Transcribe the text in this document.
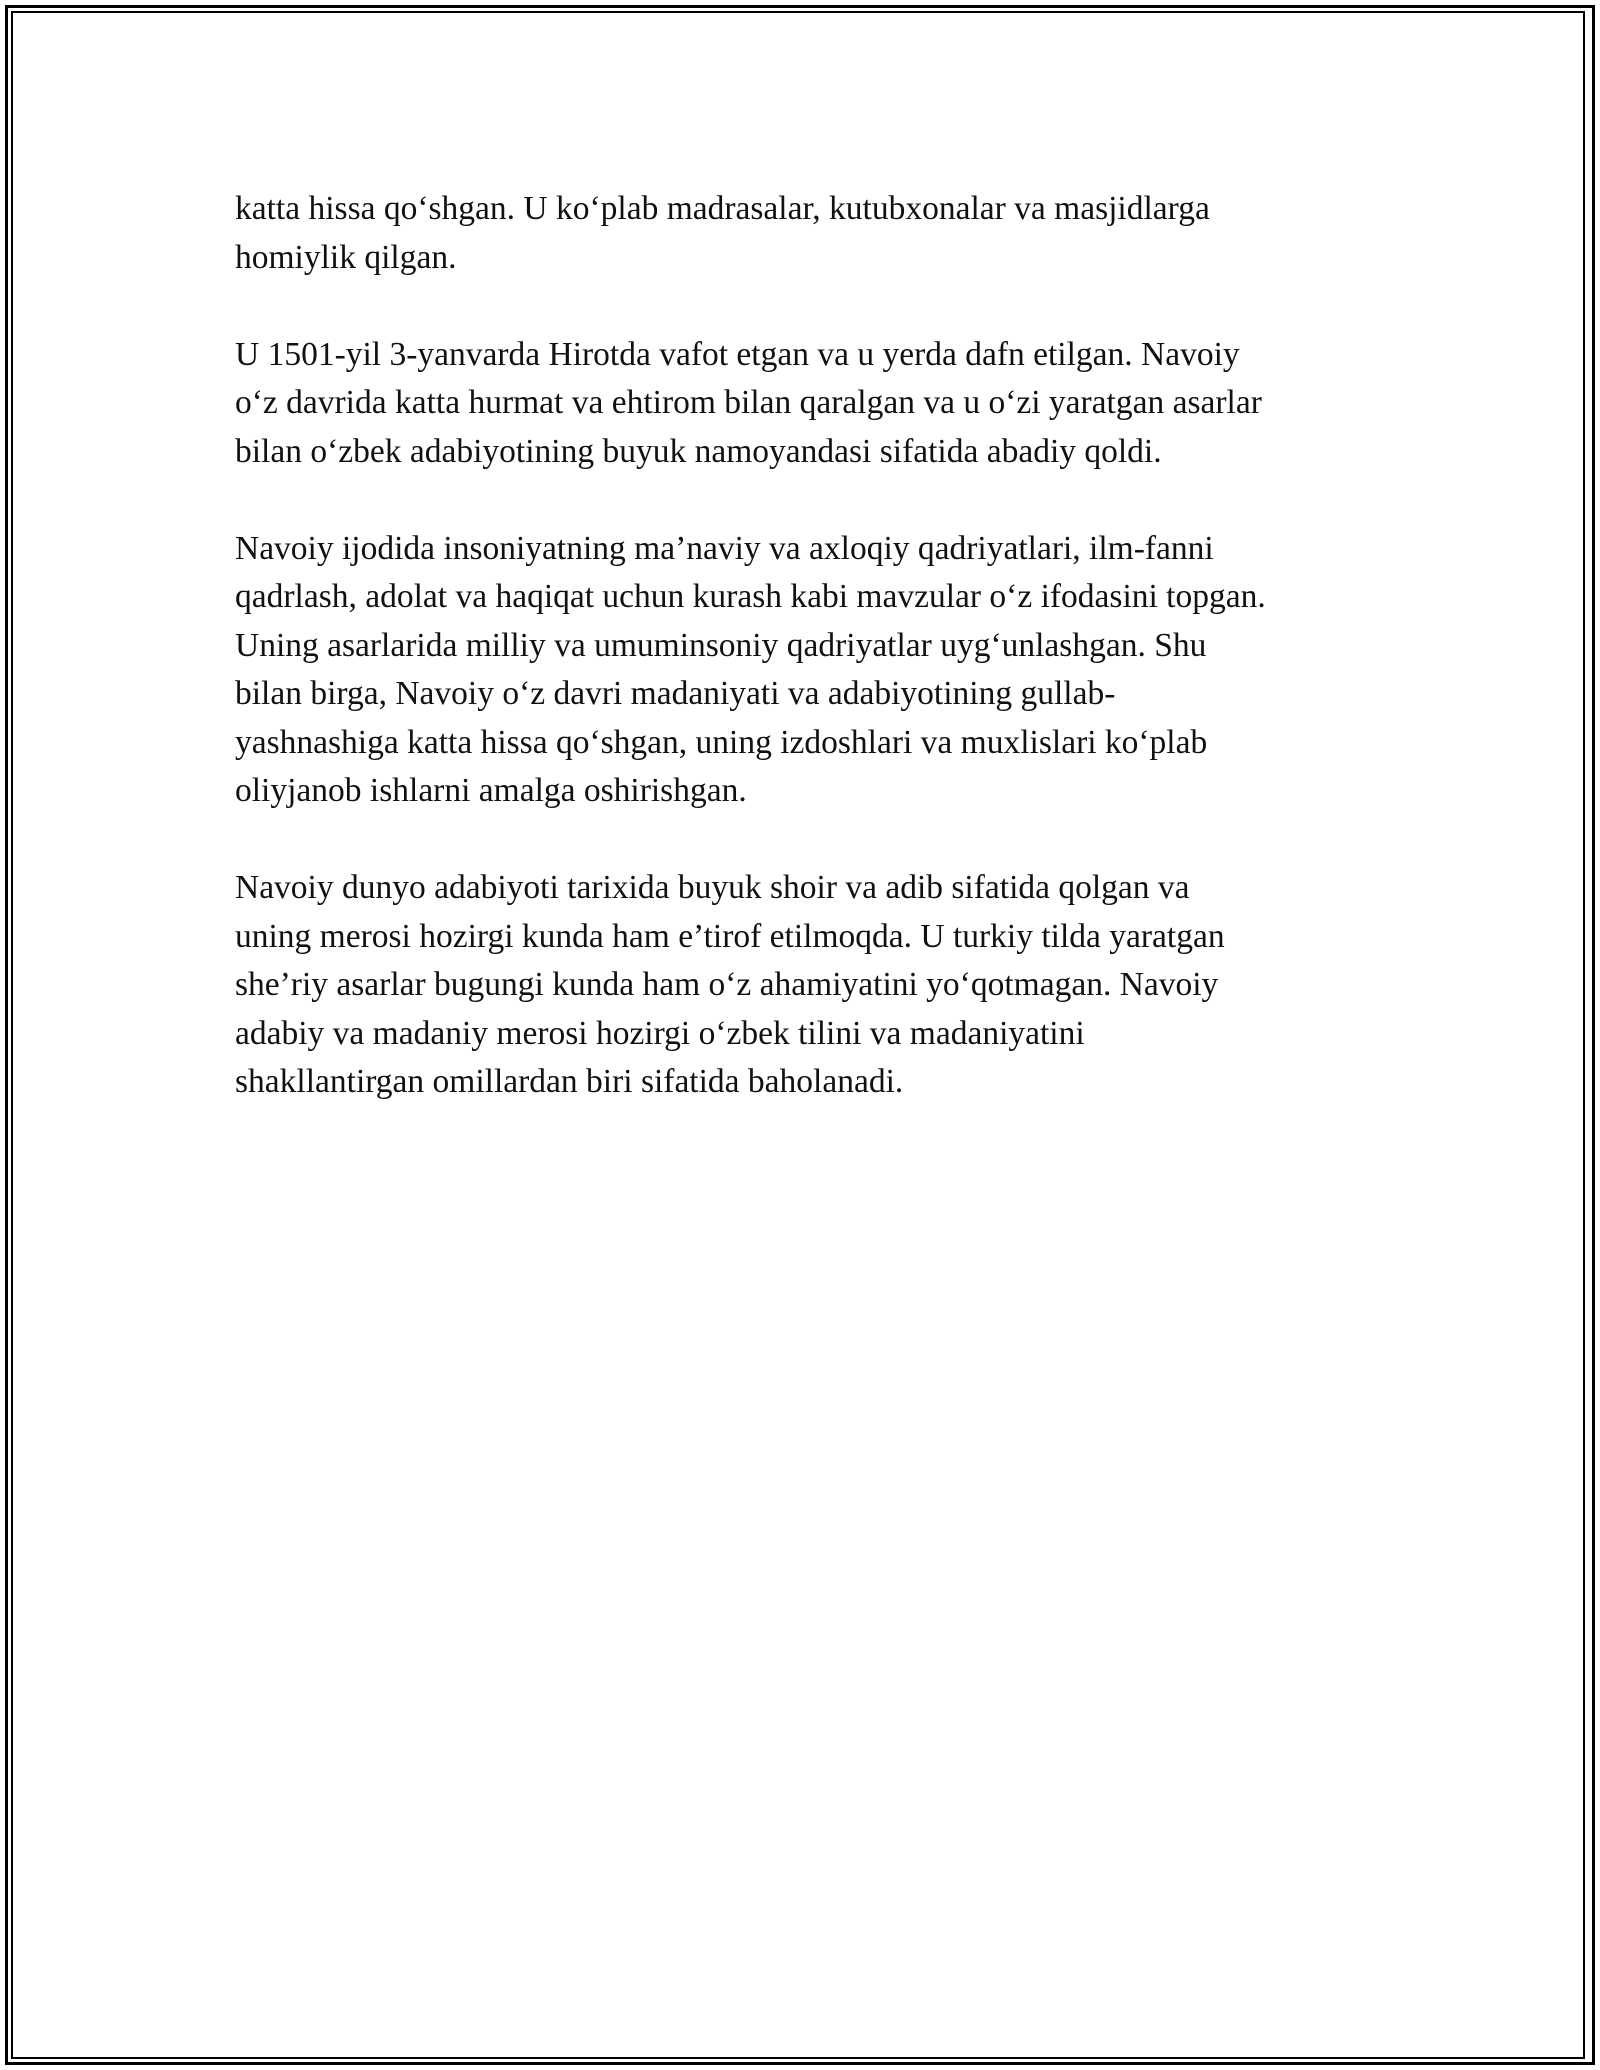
katta hissa qo‘shgan. U ko‘plab madrasalar, kutubxonalar va masjidlarga
homiylik qilgan.

U 1501-yil 3-yanvarda Hirotda vafot etgan va u yerda dafn etilgan. Navoiy
o‘z davrida katta hurmat va ehtirom bilan qaralgan va u o‘zi yaratgan asarlar
bilan o‘zbek adabiyotining buyuk namoyandasi sifatida abadiy qoldi.

Navoiy ijodida insoniyatning ma’naviy va axloqiy qadriyatlari, ilm-fanni
qadrlash, adolat va haqiqat uchun kurash kabi mavzular o‘z ifodasini topgan.
Uning asarlarida milliy va umuminsoniy qadriyatlar uyg‘unlashgan. Shu
bilan birga, Navoiy o‘z davri madaniyati va adabiyotining gullab-
yashnashiga katta hissa qo‘shgan, uning izdoshlari va muxlislari ko‘plab
oliyjanob ishlarni amalga oshirishgan.

Navoiy dunyo adabiyoti tarixida buyuk shoir va adib sifatida qolgan va
uning merosi hozirgi kunda ham e’tirof etilmoqda. U turkiy tilda yaratgan
she’riy asarlar bugungi kunda ham o‘z ahamiyatini yo‘qotmagan. Navoiy
adabiy va madaniy merosi hozirgi o‘zbek tilini va madaniyatini
shakllantirgan omillardan biri sifatida baholanadi.
